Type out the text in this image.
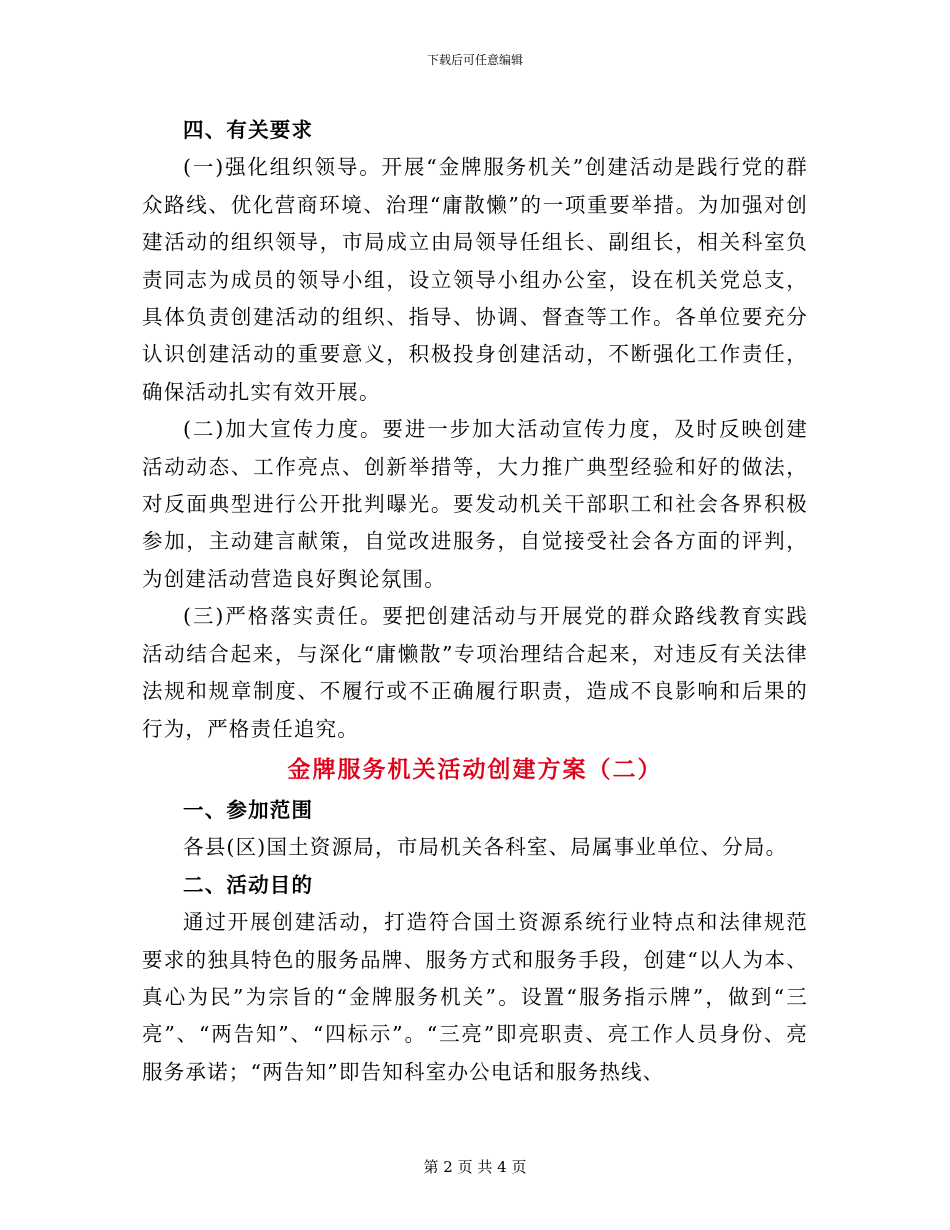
下载后可任意编辑
四、有关要求

(一)强化组织领导。开展“金牌服务机关”创建活动是践行党的群众路线、优化营商环境、治理“庸散懒”的一项重要举措。为加强对创建活动的组织领导，市局成立由局领导任组长、副组长，相关科室负责同志为成员的领导小组，设立领导小组办公室，设在机关党总支，具体负责创建活动的组织、指导、协调、督查等工作。各单位要充分认识创建活动的重要意义，积极投身创建活动，不断强化工作责任，确保活动扎实有效开展。

(二)加大宣传力度。要进一步加大活动宣传力度，及时反映创建活动动态、工作亮点、创新举措等，大力推广典型经验和好的做法，对反面典型进行公开批判曝光。要发动机关干部职工和社会各界积极参加，主动建言献策，自觉改进服务，自觉接受社会各方面的评判，为创建活动营造良好舆论氛围。

(三)严格落实责任。要把创建活动与开展党的群众路线教育实践活动结合起来，与深化“庸懒散”专项治理结合起来，对违反有关法律法规和规章制度、不履行或不正确履行职责，造成不良影响和后果的行为，严格责任追究。

金牌服务机关活动创建方案（二）
一、参加范围

各县(区)国土资源局，市局机关各科室、局属事业单位、分局。

二、活动目的

通过开展创建活动，打造符合国土资源系统行业特点和法律规范要求的独具特色的服务品牌、服务方式和服务手段，创建“以人为本、真心为民”为宗旨的“金牌服务机关”。设置“服务指示牌”，做到“三亮”、“两告知”、“四标示”。“三亮”即亮职责、亮工作人员身份、亮服务承诺；“两告知”即告知科室办公电话和服务热线、

第 2 页 共 4 页
